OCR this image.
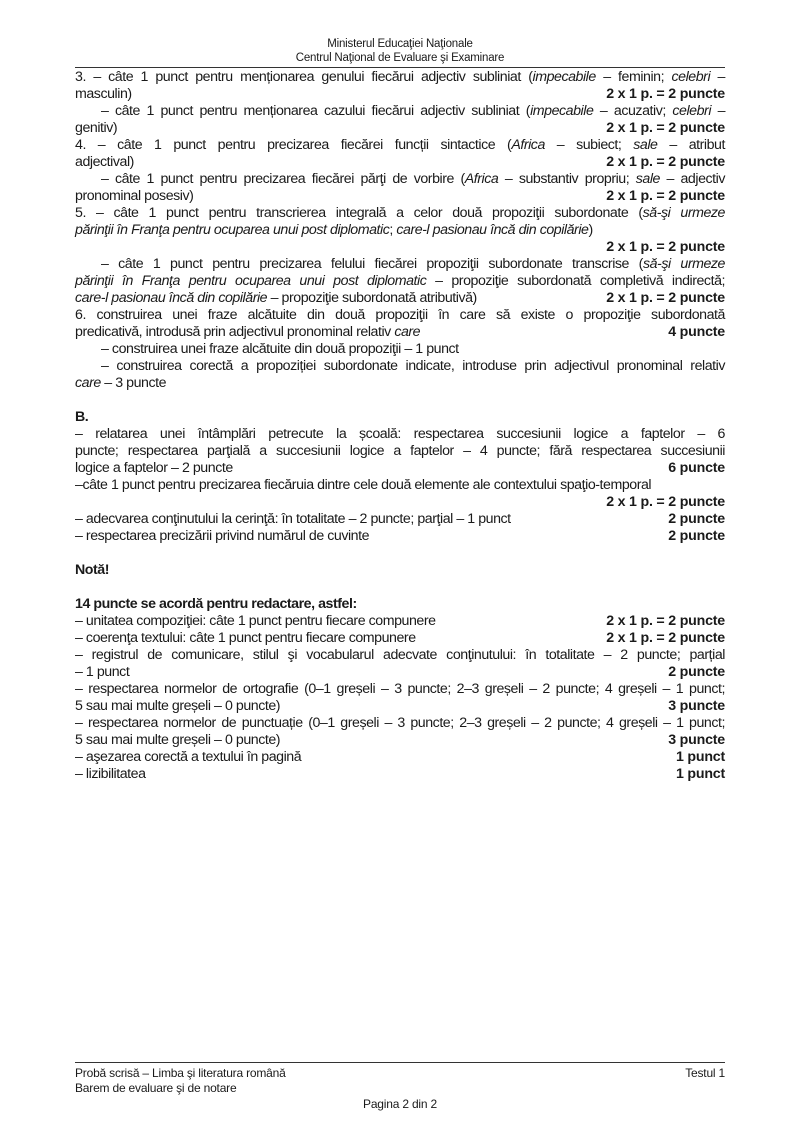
Ministerul Educaţiei Naţionale
Centrul Naţional de Evaluare şi Examinare
3. – câte 1 punct pentru menționarea genului fiecărui adjectiv subliniat (impecabile – feminin; celebri –
masculin)	2 x 1 p. = 2 puncte
– câte 1 punct pentru menționarea cazului fiecărui adjectiv subliniat (impecabile – acuzativ; celebri –
genitiv)	2 x 1 p. = 2 puncte
4. – câte 1 punct pentru precizarea fiecărei funcții sintactice (Africa – subiect; sale – atribut
adjectival)	2 x 1 p. = 2 puncte
– câte 1 punct pentru precizarea fiecărei părţi de vorbire (Africa – substantiv propriu; sale – adjectiv
pronominal posesiv)	2 x 1 p. = 2 puncte
5. – câte 1 punct pentru transcrierea integrală a celor două propoziţii subordonate (să-şi urmeze
părinţii în Franţa pentru ocuparea unui post diplomatic; care-l pasionau încă din copilărie)
2 x 1 p. = 2 puncte
– câte 1 punct pentru precizarea felului fiecărei propoziţii subordonate transcrise (să-şi urmeze
părinţii în Franţa pentru ocuparea unui post diplomatic – propoziţie subordonată completivă indirectă;
care-l pasionau încă din copilărie – propoziţie subordonată atributivă)	2 x 1 p. = 2 puncte
6. construirea unei fraze alcătuite din două propoziţii în care să existe o propoziţie subordonată
predicativă, introdusă prin adjectivul pronominal relativ care	4 puncte
– construirea unei fraze alcătuite din două propoziţii – 1 punct
– construirea corectă a propoziției subordonate indicate, introduse prin adjectivul pronominal relativ
care – 3 puncte
B.
– relatarea unei întâmplări petrecute la școală: respectarea succesiunii logice a faptelor – 6
puncte; respectarea parţială a succesiunii logice a faptelor – 4 puncte; fără respectarea succesiunii
logice a faptelor – 2 puncte	6 puncte
–câte 1 punct pentru precizarea fiecăruia dintre cele două elemente ale contextului spaţio-temporal
2 x 1 p. = 2 puncte
– adecvarea conţinutului la cerinţă: în totalitate – 2 puncte; parţial – 1 punct	2 puncte
– respectarea precizării privind numărul de cuvinte	2 puncte
Notă!
14 puncte se acordă pentru redactare, astfel:
– unitatea compoziţiei: câte 1 punct pentru fiecare compunere	2 x 1 p. = 2 puncte
– coerenţa textului: câte 1 punct pentru fiecare compunere	2 x 1 p. = 2 puncte
– registrul de comunicare, stilul şi vocabularul adecvate conţinutului: în totalitate – 2 puncte; parțial
– 1 punct	2 puncte
– respectarea normelor de ortografie (0–1 greșeli – 3 puncte; 2–3 greșeli – 2 puncte; 4 greșeli – 1 punct;
5 sau mai multe greșeli – 0 puncte)	3 puncte
– respectarea normelor de punctuație (0–1 greșeli – 3 puncte; 2–3 greșeli – 2 puncte; 4 greșeli – 1 punct;
5 sau mai multe greșeli – 0 puncte)	3 puncte
– aşezarea corectă a textului în pagină	1 punct
– lizibilitatea	1 punct
Probă scrisă – Limba şi literatura română
Barem de evaluare şi de notare
Testul 1
Pagina 2 din 2
